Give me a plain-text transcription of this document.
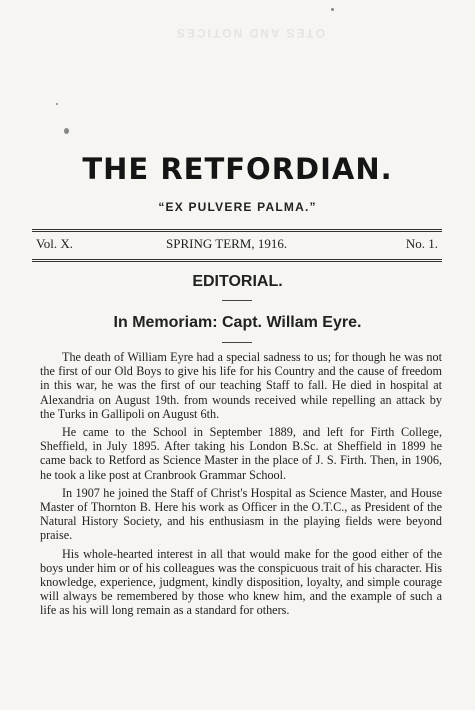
OTES AND NOTICES
THE RETFORDIAN.
“EX PULVERE PALMA.”
Vol. X.	SPRING TERM, 1916.	No. 1.
EDITORIAL.
In Memoriam: Capt. Willam Eyre.

The death of William Eyre had a special sadness to us; for though he was not the first of our Old Boys to give his life for his Country and the cause of freedom in this war, he was the first of our teaching Staff to fall. He died in hospital at Alexandria on August 19th. from wounds received while repelling an attack by the Turks in Gallipoli on August 6th.

He came to the School in September 1889, and left for Firth College, Sheffield, in July 1895. After taking his London B.Sc. at Sheffield in 1899 he came back to Retford as Science Master in the place of J. S. Firth. Then, in 1906, he took a like post at Cranbrook Grammar School.

In 1907 he joined the Staff of Christ's Hospital as Science Master, and House Master of Thornton B. Here his work as Officer in the O.T.C., as President of the Natural History Society, and his enthusiasm in the playing fields were beyond praise.

His whole-hearted interest in all that would make for the good either of the boys under him or of his colleagues was the conspicuous trait of his character. His knowledge, experience, judgment, kindly disposition, loyalty, and simple courage will always be remembered by those who knew him, and the example of such a life as his will long remain as a standard for others.
